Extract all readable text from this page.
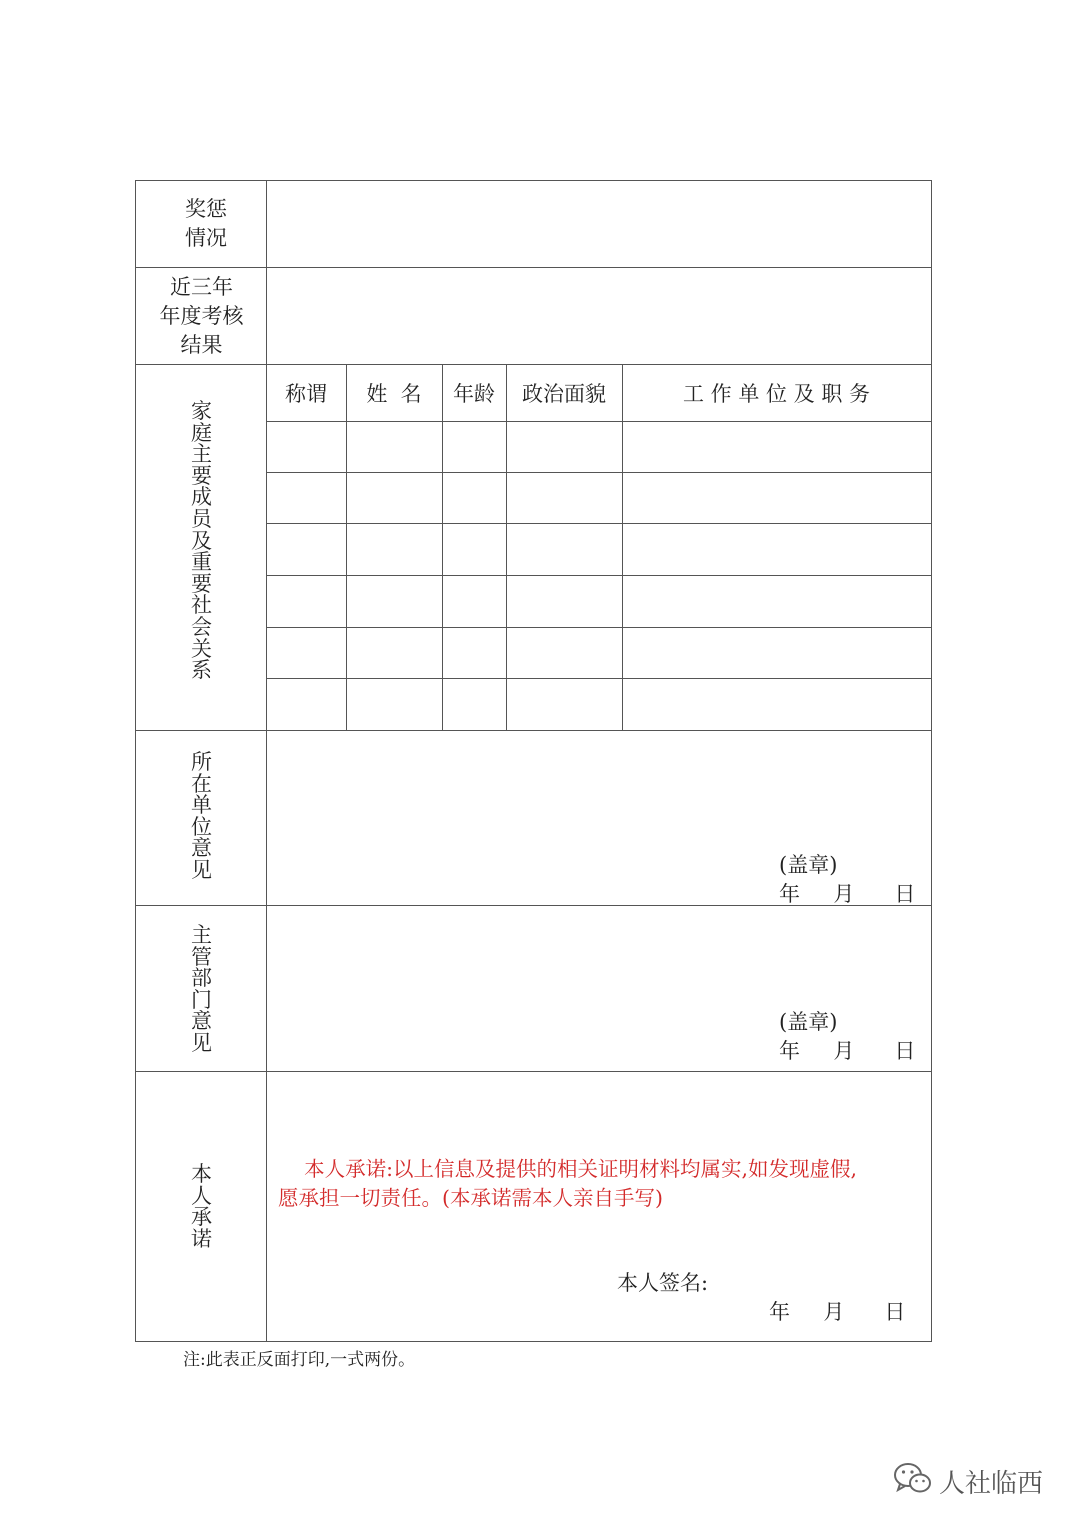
奖惩
情况
近三年
年度考核
结果
家
庭
主
要
成
员
及
重
要
社
会
关
系
称谓	姓  名	年龄	政治面貌	工 作 单 位 及 职 务
所
在
单
位
意
见	(盖章)
年     月      日
主
管
部
门
意
见
(盖章)
年     月      日
本
人
承
诺
本人承诺:以上信息及提供的相关证明材料均属实,如发现虚假,
愿承担一切责任。(本承诺需本人亲自手写)
本人签名:
年     月      日
注:此表正反面打印,一式两份。
人社临西
